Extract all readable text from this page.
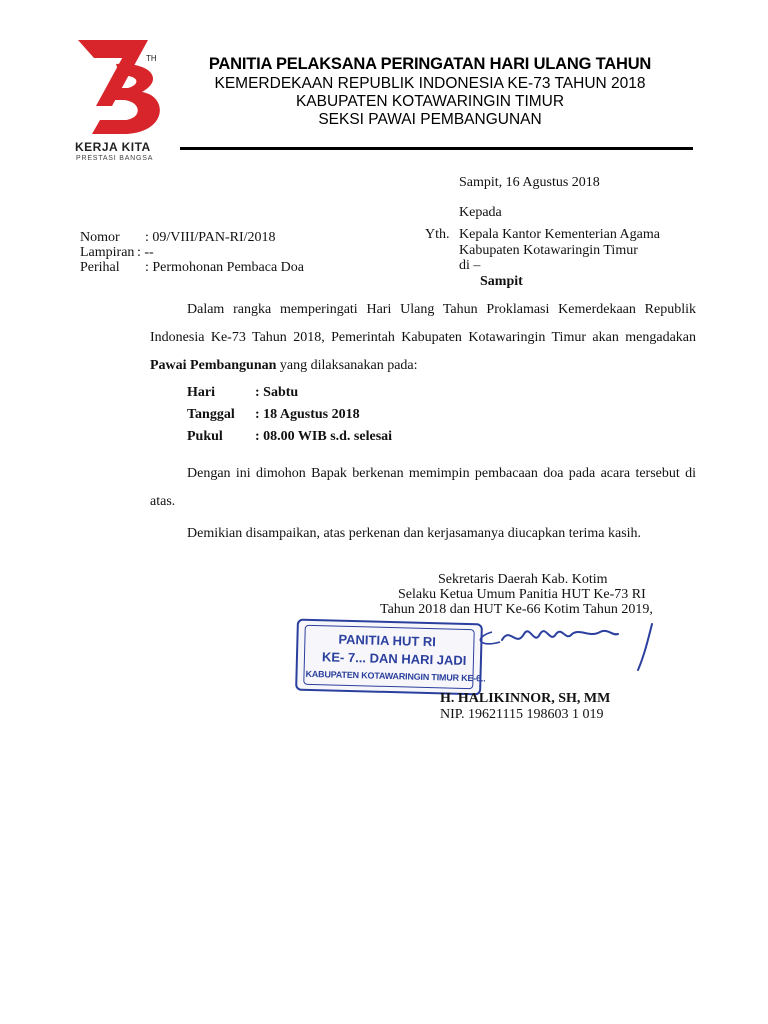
TH
KERJA KITA
PRESTASI BANGSA
PANITIA PELAKSANA PERINGATAN HARI ULANG TAHUN
KEMERDEKAAN REPUBLIK INDONESIA KE-73 TAHUN 2018
KABUPATEN KOTAWARINGIN TIMUR
SEKSI PAWAI PEMBANGUNAN
Sampit, 16 Agustus 2018
Kepada
Yth. Kepala Kantor Kementerian Agama
Kabupaten Kotawaringin Timur
di –
Sampit
Nomor : 09/VIII/PAN-RI/2018
Lampiran : --
Perihal : Permohonan Pembaca Doa
Dalam rangka memperingati Hari Ulang Tahun Proklamasi Kemerdekaan Republik Indonesia Ke-73 Tahun 2018, Pemerintah Kabupaten Kotawaringin Timur akan mengadakan Pawai Pembangunan yang dilaksanakan pada:
Hari	: Sabtu
Tanggal : 18 Agustus 2018
Pukul : 08.00 WIB s.d. selesai
Dengan ini dimohon Bapak berkenan memimpin pembacaan doa pada acara tersebut di atas.
Demikian disampaikan, atas perkenan dan kerjasamanya diucapkan terima kasih.
Sekretaris Daerah Kab. Kotim
Selaku Ketua Umum Panitia HUT Ke-73 RI
Tahun 2018 dan HUT Ke-66 Kotim Tahun 2019,
PANITIA HUT RI
KE- 7... DAN HARI JADI
KABUPATEN KOTAWARINGIN TIMUR KE-6..
H. HALIKINNOR, SH, MM
NIP. 19621115 198603 1 019
